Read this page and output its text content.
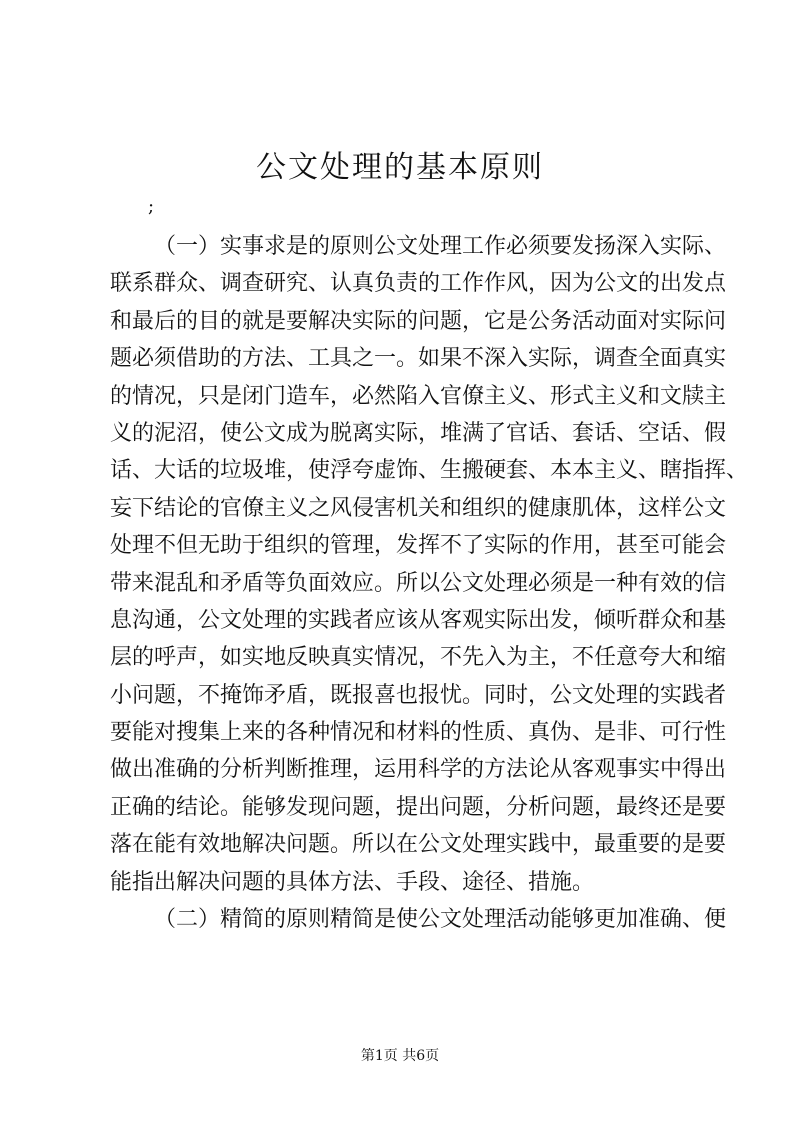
公文处理的基本原则
;
（一）实事求是的原则公文处理工作必须要发扬深入实际、
联系群众、调查研究、认真负责的工作作风，因为公文的出发点
和最后的目的就是要解决实际的问题，它是公务活动面对实际问
题必须借助的方法、工具之一。如果不深入实际，调查全面真实
的情况，只是闭门造车，必然陷入官僚主义、形式主义和文牍主
义的泥沼，使公文成为脱离实际，堆满了官话、套话、空话、假
话、大话的垃圾堆，使浮夸虚饰、生搬硬套、本本主义、瞎指挥、
妄下结论的官僚主义之风侵害机关和组织的健康肌体，这样公文
处理不但无助于组织的管理，发挥不了实际的作用，甚至可能会
带来混乱和矛盾等负面效应。所以公文处理必须是一种有效的信
息沟通，公文处理的实践者应该从客观实际出发，倾听群众和基
层的呼声，如实地反映真实情况，不先入为主，不任意夸大和缩
小问题，不掩饰矛盾，既报喜也报忧。同时，公文处理的实践者
要能对搜集上来的各种情况和材料的性质、真伪、是非、可行性
做出准确的分析判断推理，运用科学的方法论从客观事实中得出
正确的结论。能够发现问题，提出问题，分析问题，最终还是要
落在能有效地解决问题。所以在公文处理实践中，最重要的是要
能指出解决问题的具体方法、手段、途径、措施。
（二）精简的原则精简是使公文处理活动能够更加准确、便
第1页 共6页
